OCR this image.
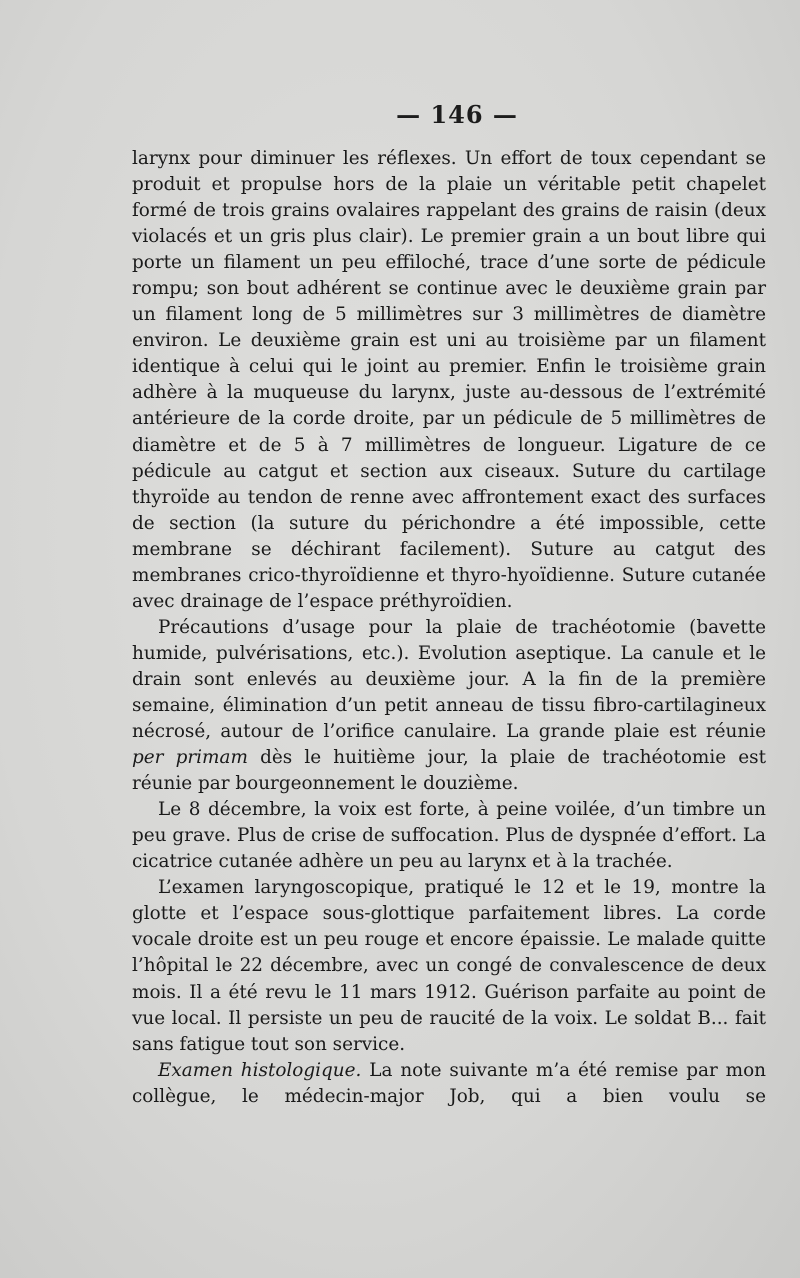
— 146 —

larynx pour diminuer les réflexes. Un effort de toux cependant se produit et propulse hors de la plaie un véritable petit chapelet formé de trois grains ovalaires rappelant des grains de raisin (deux violacés et un gris plus clair). Le premier grain a un bout libre qui porte un filament un peu effiloché, trace d’une sorte de pédicule rompu; son bout adhérent se continue avec le deuxième grain par un filament long de 5 millimètres sur 3 millimètres de diamètre environ. Le deuxième grain est uni au troisième par un filament identique à celui qui le joint au premier. Enfin le troisième grain adhère à la muqueuse du larynx, juste au-dessous de l’extrémité antérieure de la corde droite, par un pédicule de 5 millimètres de diamètre et de 5 à 7 millimètres de longueur. Ligature de ce pédicule au catgut et section aux ciseaux. Suture du cartilage thyroïde au tendon de renne avec affrontement exact des surfaces de section (la suture du périchondre a été impossible, cette membrane se déchirant facilement). Suture au catgut des membranes crico-thyroïdienne et thyro-hyoïdienne. Suture cutanée avec drainage de l’espace préthyroïdien.

Précautions d’usage pour la plaie de trachéotomie (bavette humide, pulvérisations, etc.). Evolution aseptique. La canule et le drain sont enlevés au deuxième jour. A la fin de la première semaine, élimination d’un petit anneau de tissu fibro-cartilagineux nécrosé, autour de l’orifice canulaire. La grande plaie est réunie per primam dès le huitième jour, la plaie de trachéotomie est réunie par bourgeonnement le douzième.

Le 8 décembre, la voix est forte, à peine voilée, d’un timbre un peu grave. Plus de crise de suffocation. Plus de dyspnée d’effort. La cicatrice cutanée adhère un peu au larynx et à la trachée.

L’examen laryngoscopique, pratiqué le 12 et le 19, montre la glotte et l’espace sous-glottique parfaitement libres. La corde vocale droite est un peu rouge et encore épaissie. Le malade quitte l’hôpital le 22 décembre, avec un congé de convalescence de deux mois. Il a été revu le 11 mars 1912. Guérison parfaite au point de vue local. Il persiste un peu de raucité de la voix. Le soldat B... fait sans fatigue tout son service.

Examen histologique. La note suivante m’a été remise par mon collègue, le médecin-major Job, qui a bien voulu se
